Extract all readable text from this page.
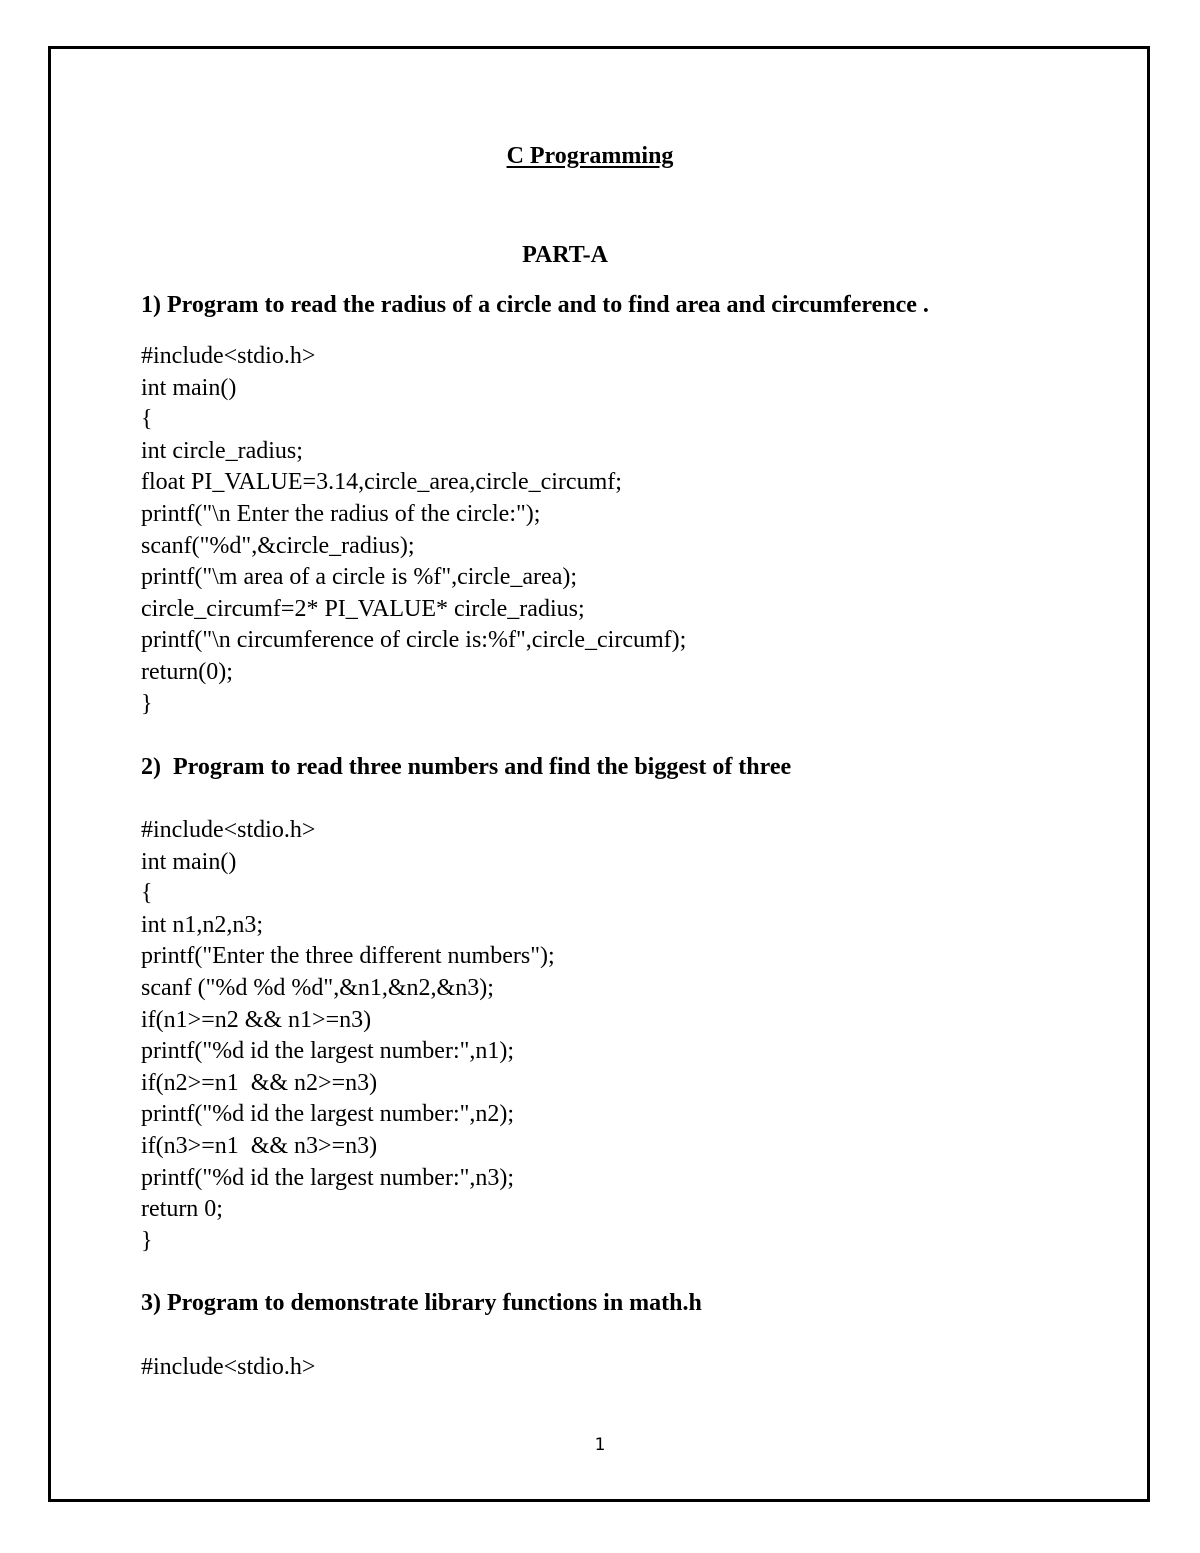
C Programming
PART-A
1) Program to read the radius of a circle and to find area and circumference .
#include<stdio.h>
int main()
{
int circle_radius;
float PI_VALUE=3.14,circle_area,circle_circumf;
printf("\n Enter the radius of the circle:");
scanf("%d",&circle_radius);
printf("\m area of a circle is %f",circle_area);
circle_circumf=2* PI_VALUE* circle_radius;
printf("\n circumference of circle is:%f",circle_circumf);
return(0);
}
2)  Program to read three numbers and find the biggest of three
#include<stdio.h>
int main()
{
int n1,n2,n3;
printf("Enter the three different numbers");
scanf ("%d %d %d",&n1,&n2,&n3);
if(n1>=n2 && n1>=n3)
printf("%d id the largest number:",n1);
if(n2>=n1  && n2>=n3)
printf("%d id the largest number:",n2);
if(n3>=n1  && n3>=n3)
printf("%d id the largest number:",n3);
return 0;
}
3) Program to demonstrate library functions in math.h
#include<stdio.h>
1
